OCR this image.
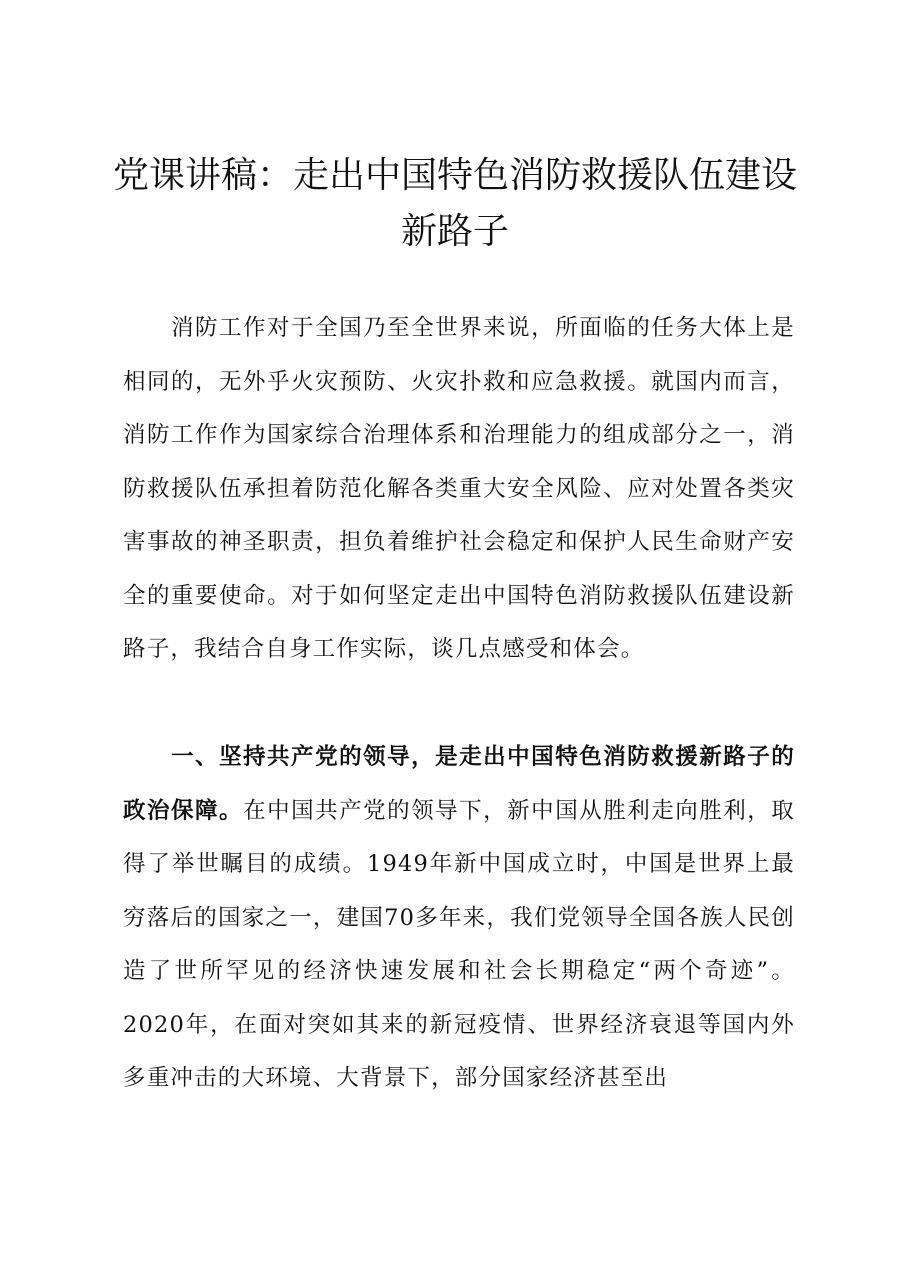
党课讲稿：走出中国特色消防救援队伍建设新路子

消防工作对于全国乃至全世界来说，所面临的任务大体上是相同的，无外乎火灾预防、火灾扑救和应急救援。就国内而言，消防工作作为国家综合治理体系和治理能力的组成部分之一，消防救援队伍承担着防范化解各类重大安全风险、应对处置各类灾害事故的神圣职责，担负着维护社会稳定和保护人民生命财产安全的重要使命。对于如何坚定走出中国特色消防救援队伍建设新路子，我结合自身工作实际，谈几点感受和体会。

一、坚持共产党的领导，是走出中国特色消防救援新路子的政治保障。在中国共产党的领导下，新中国从胜利走向胜利，取得了举世瞩目的成绩。1949年新中国成立时，中国是世界上最穷落后的国家之一，建国70多年来，我们党领导全国各族人民创造了世所罕见的经济快速发展和社会长期稳定“两个奇迹”。2020年，在面对突如其来的新冠疫情、世界经济衰退等国内外多重冲击的大环境、大背景下，部分国家经济甚至出
